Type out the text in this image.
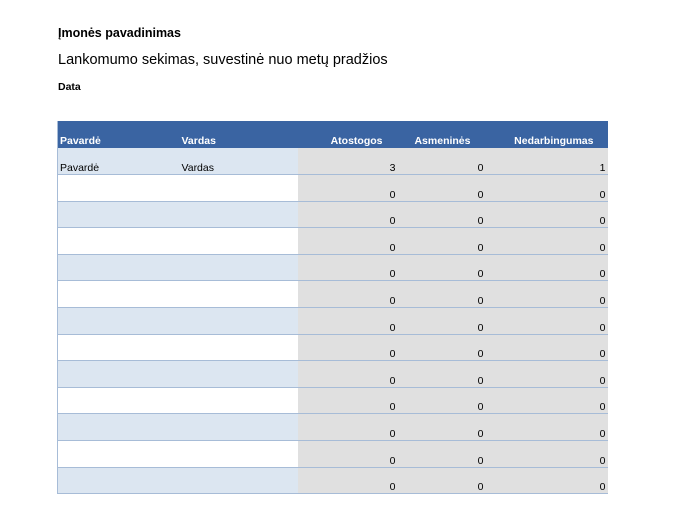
Įmonės pavadinimas
Lankomumo sekimas, suvestinė nuo metų pradžios
Data
Pavardė	Vardas	Atostogos	Asmeninės	Nedarbingumas
Pavardė	Vardas	3	0	1
		0	0	0
		0	0	0
		0	0	0
		0	0	0
		0	0	0
		0	0	0
		0	0	0
		0	0	0
		0	0	0
		0	0	0
		0	0	0
		0	0	0
